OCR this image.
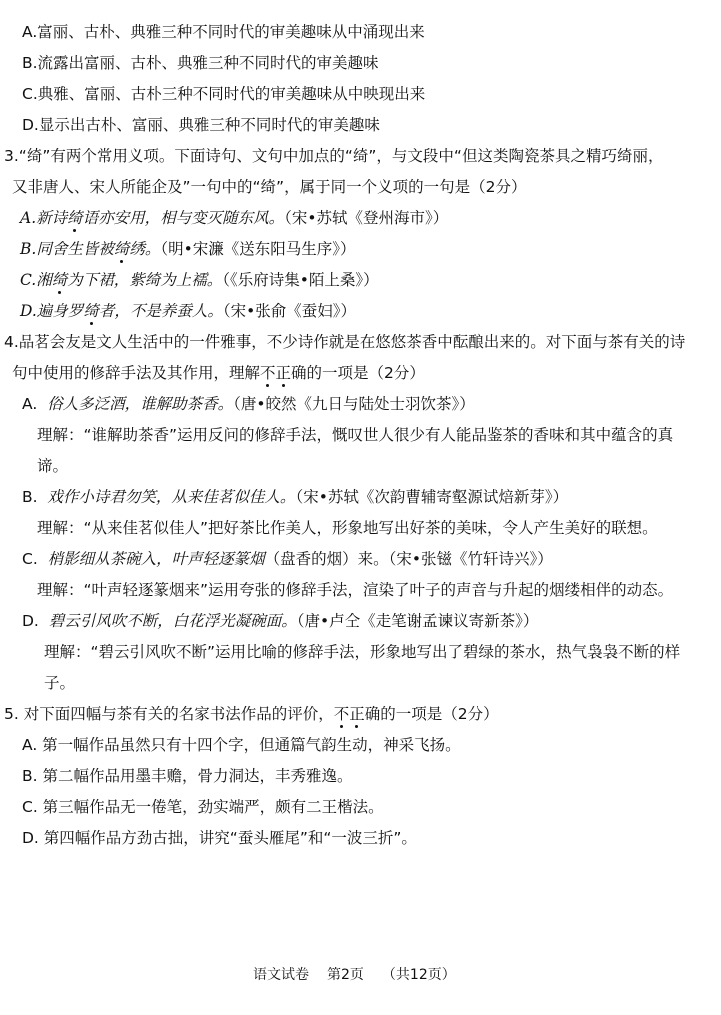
A.富丽、古朴、典雅三种不同时代的审美趣味从中涌现出来
B.流露出富丽、古朴、典雅三种不同时代的审美趣味
C.典雅、富丽、古朴三种不同时代的审美趣味从中映现出来
D.显示出古朴、富丽、典雅三种不同时代的审美趣味
3.“绮”有两个常用义项。下面诗句、文句中加点的“绮”，与文段中“但这类陶瓷茶具之精巧绮丽，
又非唐人、宋人所能企及”一句中的“绮”，属于同一个义项的一句是（2分）
A.新诗绮语亦安用，相与变灭随东风。（宋•苏轼《登州海市》）
B.同舍生皆被绮绣。（明•宋濂《送东阳马生序》）
C.湘绮为下裙，紫绮为上襦。（《乐府诗集•陌上桑》）
D.遍身罗绮者，不是养蚕人。（宋•张俞《蚕妇》）
4.品茗会友是文人生活中的一件雅事，不少诗作就是在悠悠茶香中酝酿出来的。对下面与茶有关的诗
句中使用的修辞手法及其作用，理解不正确的一项是（2分）
A. 俗人多泛酒，谁解助茶香。（唐•皎然《九日与陆处士羽饮茶》）
理解：“谁解助茶香”运用反问的修辞手法，慨叹世人很少有人能品鉴茶的香味和其中蕴含的真
谛。
B. 戏作小诗君勿笑，从来佳茗似佳人。（宋•苏轼《次韵曹辅寄壑源试焙新芽》）
理解：“从来佳茗似佳人”把好茶比作美人，形象地写出好茶的美味，令人产生美好的联想。
C. 梢影细从茶碗入，叶声轻逐篆烟（盘香的烟）来。（宋•张镃《竹轩诗兴》）
理解：“叶声轻逐篆烟来”运用夸张的修辞手法，渲染了叶子的声音与升起的烟缕相伴的动态。
D. 碧云引风吹不断，白花浮光凝碗面。（唐•卢仝《走笔谢孟谏议寄新茶》）
理解：“碧云引风吹不断”运用比喻的修辞手法，形象地写出了碧绿的茶水，热气袅袅不断的样
子。
5. 对下面四幅与茶有关的名家书法作品的评价，不正确的一项是（2分）
A. 第一幅作品虽然只有十四个字，但通篇气韵生动，神采飞扬。
B. 第二幅作品用墨丰赡，骨力洞达，丰秀雅逸。
C. 第三幅作品无一倦笔，劲实端严，颇有二王楷法。
D. 第四幅作品方劲古拙，讲究“蚕头雁尾”和“一波三折”。
语文试卷 第2页 （共12页）
